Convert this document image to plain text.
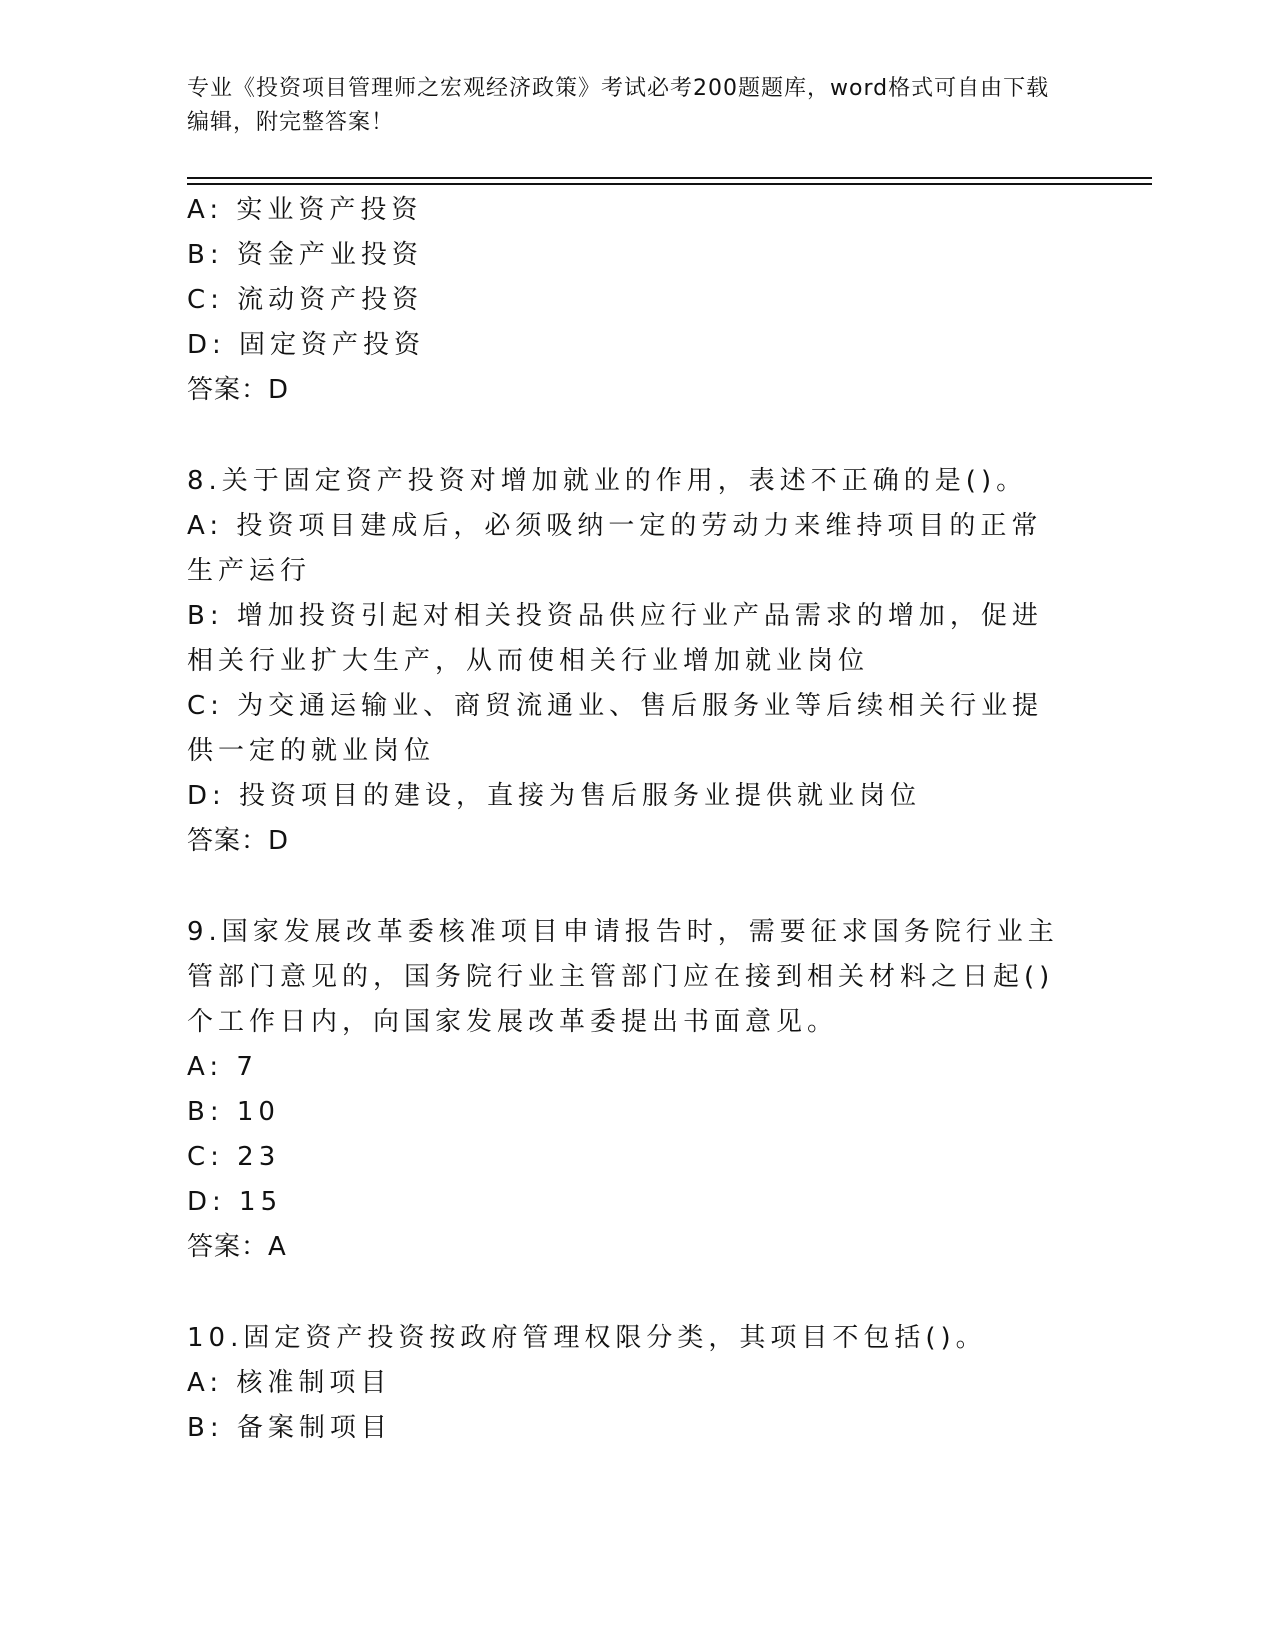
专业《投资项目管理师之宏观经济政策》考试必考200题题库，word格式可自由下载编辑，附完整答案！
A: 实业资产投资
B: 资金产业投资
C: 流动资产投资
D: 固定资产投资
答案：D
8.关于固定资产投资对增加就业的作用，表述不正确的是()。
A: 投资项目建成后，必须吸纳一定的劳动力来维持项目的正常生产运行
B: 增加投资引起对相关投资品供应行业产品需求的增加，促进相关行业扩大生产，从而使相关行业增加就业岗位
C: 为交通运输业、商贸流通业、售后服务业等后续相关行业提供一定的就业岗位
D: 投资项目的建设，直接为售后服务业提供就业岗位
答案：D
9.国家发展改革委核准项目申请报告时，需要征求国务院行业主管部门意见的，国务院行业主管部门应在接到相关材料之日起()个工作日内，向国家发展改革委提出书面意见。
A: 7
B: 10
C: 23
D: 15
答案：A
10.固定资产投资按政府管理权限分类，其项目不包括()。
A: 核准制项目
B: 备案制项目
